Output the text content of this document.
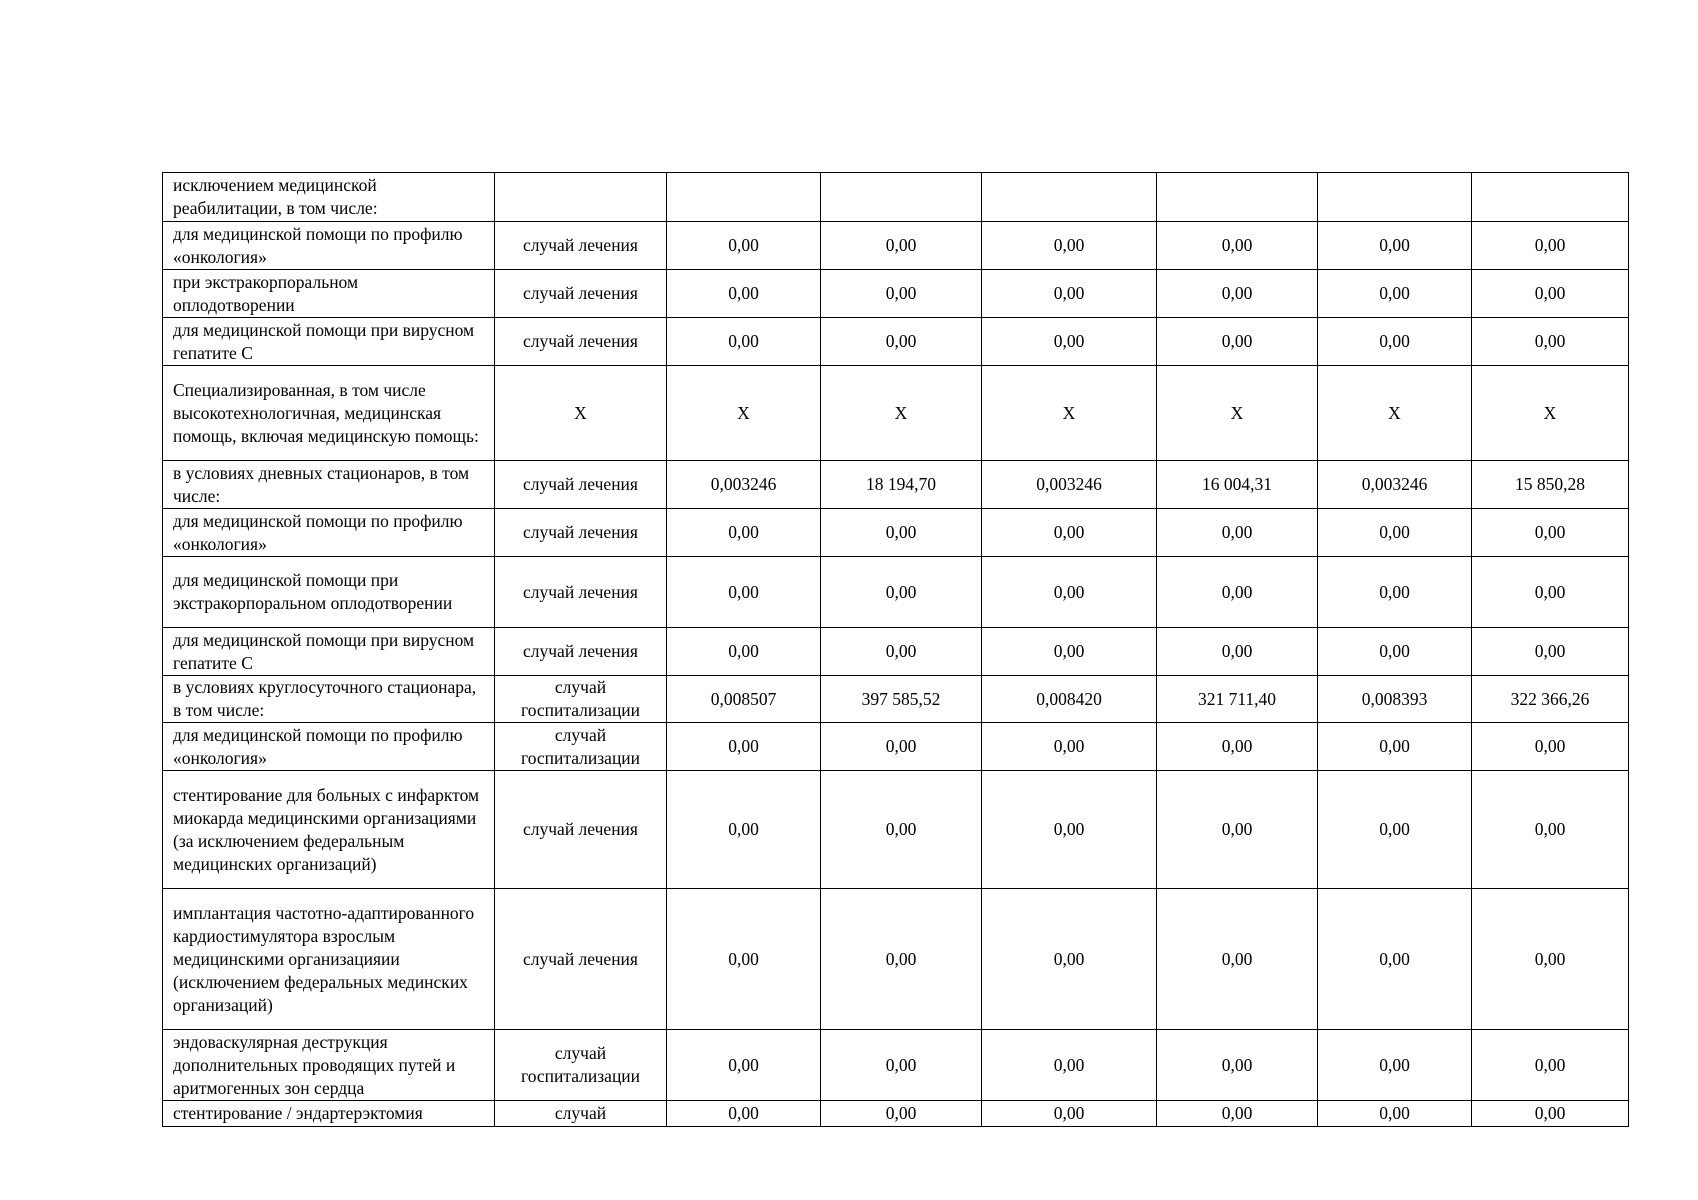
исключением медицинской реабилитации, в том числе:							
для медицинской помощи по профилю «онкология»	случай лечения	0,00	0,00	0,00	0,00	0,00	0,00
при экстракорпоральном оплодотворении	случай лечения	0,00	0,00	0,00	0,00	0,00	0,00
для медицинской помощи при вирусном гепатите С	случай лечения	0,00	0,00	0,00	0,00	0,00	0,00
Специализированная, в том числе высокотехнологичная, медицинская помощь, включая медицинскую помощь:	X	X	X	X	X	X	X
в условиях дневных стационаров, в том числе:	случай лечения	0,003246	18 194,70	0,003246	16 004,31	0,003246	15 850,28
для медицинской помощи по профилю «онкология»	случай лечения	0,00	0,00	0,00	0,00	0,00	0,00
для медицинской помощи при экстракорпоральном оплодотворении	случай лечения	0,00	0,00	0,00	0,00	0,00	0,00
для медицинской помощи при вирусном гепатите С	случай лечения	0,00	0,00	0,00	0,00	0,00	0,00
в условиях круглосуточного стационара, в том числе:	случай госпитализации	0,008507	397 585,52	0,008420	321 711,40	0,008393	322 366,26
для медицинской помощи по профилю «онкология»	случай госпитализации	0,00	0,00	0,00	0,00	0,00	0,00
стентирование для больных с инфарктом миокарда медицинскими организациями (за исключением федеральным медицинских организаций)	случай лечения	0,00	0,00	0,00	0,00	0,00	0,00
имплантация частотно-адаптированного кардиостимулятора взрослым медицинскими организацияии (исключением федеральных мединских организаций)	случай лечения	0,00	0,00	0,00	0,00	0,00	0,00
эндоваскулярная деструкция дополнительных проводящих путей и аритмогенных зон сердца	случай госпитализации	0,00	0,00	0,00	0,00	0,00	0,00
стентирование / эндартерэктомия	случай	0,00	0,00	0,00	0,00	0,00	0,00
